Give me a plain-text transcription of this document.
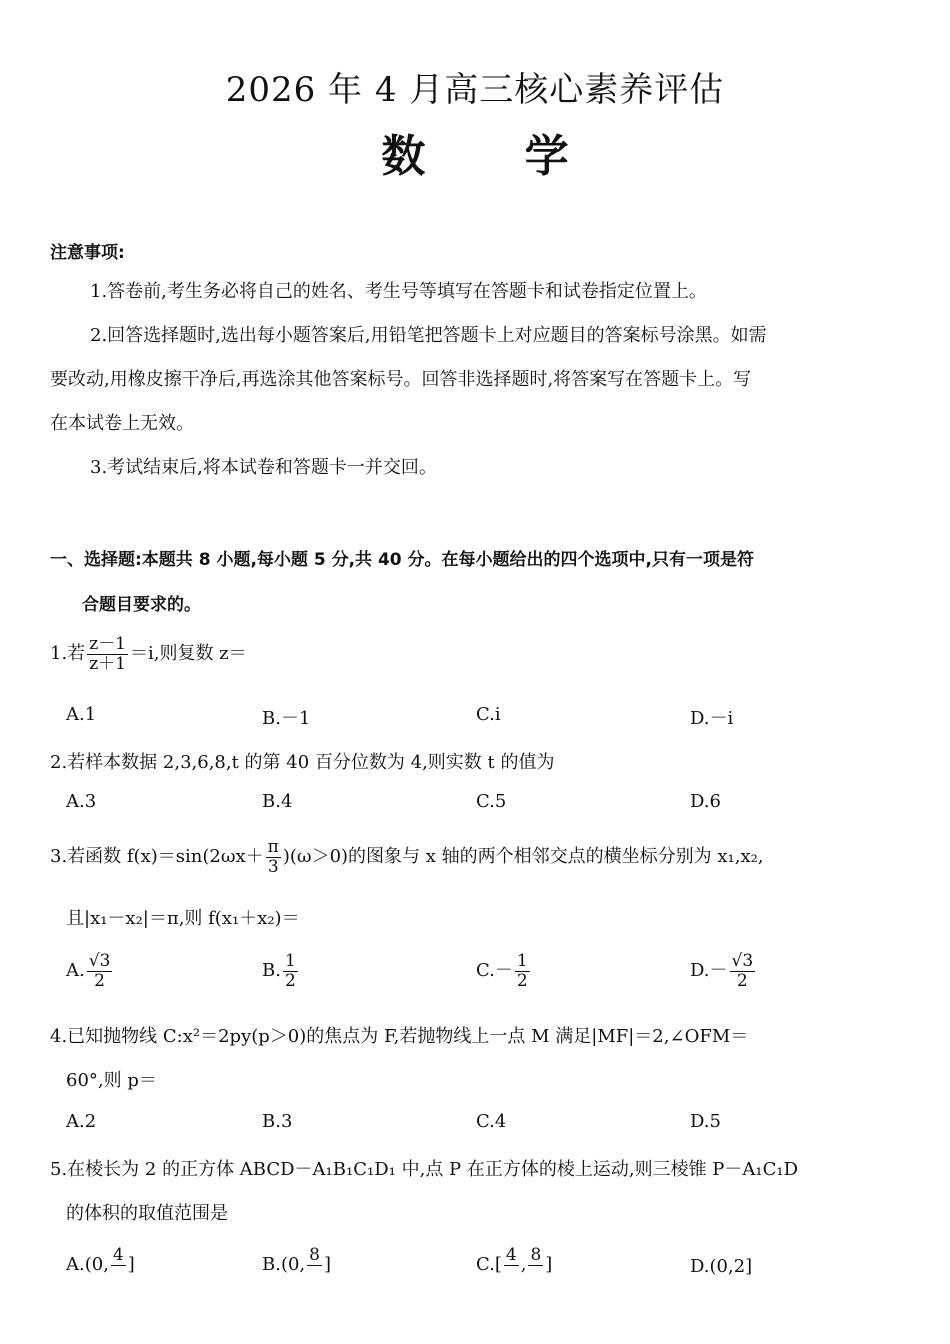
2026 年 4 月高三核心素养评估
数 学
注意事项:
1.答卷前,考生务必将自己的姓名、考生号等填写在答题卡和试卷指定位置上。
2.回答选择题时,选出每小题答案后,用铅笔把答题卡上对应题目的答案标号涂黑。如需
要改动,用橡皮擦干净后,再选涂其他答案标号。回答非选择题时,将答案写在答题卡上。写
在本试卷上无效。
3.考试结束后,将本试卷和答题卡一并交回。
一、选择题:本题共 8 小题,每小题 5 分,共 40 分。在每小题给出的四个选项中,只有一项是符
合题目要求的。
1.若 $\frac{z-1}{z+1} =i$,则复数 z＝
A.1	B.－1	C.i	D.－i
2.若样本数据 2,3,6,8,t 的第 40 百分位数为 4,则实数 t 的值为
A.3	B.4	C.5	D.6
3.若函数 $f(x)=\sin(2\omega x+ \frac{\pi}{3} )(\omega>0)$的图象与 x 轴的两个相邻交点的横坐标分别为 x₁,x₂,
且|x₁－x₂|＝π,则 f(x₁＋x₂)＝
A. $\frac{√3}{2}$	B. $\frac{1}{2}$	$C.- \frac{1}{2}$	$D.- \frac{√3}{2}$
4.已知抛物线 C:x²＝2py(p＞0)的焦点为 F,若抛物线上一点 M 满足|MF|＝2,∠OFM＝
60°,则 p＝
A.2	B.3	C.4	D.5
5.在棱长为 2 的正方体 ABCD－A₁B₁C₁D₁ 中,点 P 在正方体的棱上运动,则三棱锥 P－A₁C₁D
的体积的取值范围是
A.(0, 4
]	B.(0, 8
]	C.[ 4
, 8
]	D.(0,2]
